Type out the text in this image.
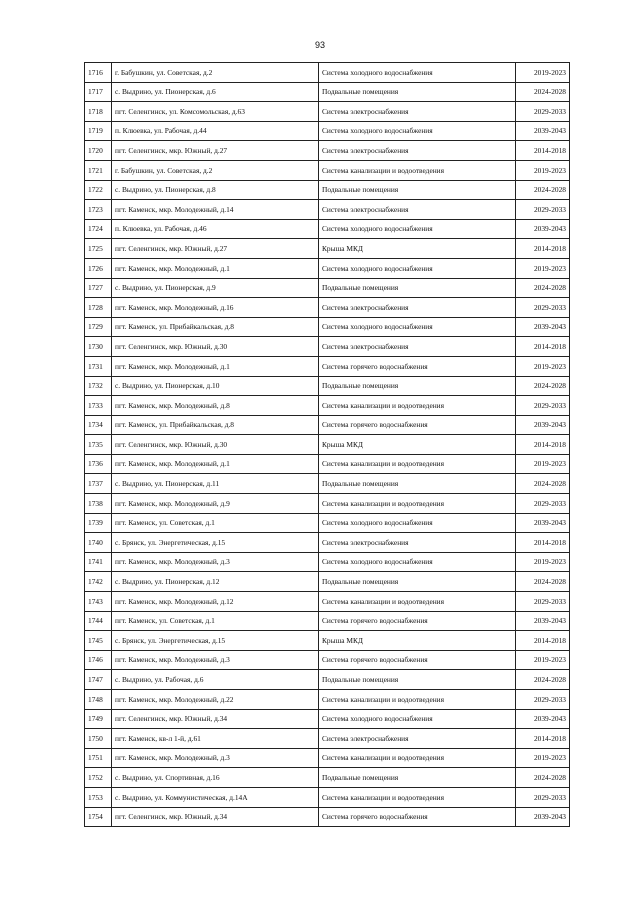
93
1716	г. Бабушкин, ул. Советская, д.2	Система холодного водоснабжения	2019-2023
1717	с. Выдрино, ул. Пионерская, д.6	Подвальные помещения	2024-2028
1718	пгт. Селенгинск, ул. Комсомольская, д.63	Система электроснабжения	2029-2033
1719	п. Клюевка, ул. Рабочая, д.44	Система холодного водоснабжения	2039-2043
1720	пгт. Селенгинск, мкр. Южный, д.27	Система электроснабжения	2014-2018
1721	г. Бабушкин, ул. Советская, д.2	Система канализации и водоотведения	2019-2023
1722	с. Выдрино, ул. Пионерская, д.8	Подвальные помещения	2024-2028
1723	пгт. Каменск, мкр. Молодежный, д.14	Система электроснабжения	2029-2033
1724	п. Клюевка, ул. Рабочая, д.46	Система холодного водоснабжения	2039-2043
1725	пгт. Селенгинск, мкр. Южный, д.27	Крыша МКД	2014-2018
1726	пгт. Каменск, мкр. Молодежный, д.1	Система холодного водоснабжения	2019-2023
1727	с. Выдрино, ул. Пионерская, д.9	Подвальные помещения	2024-2028
1728	пгт. Каменск, мкр. Молодежный, д.16	Система электроснабжения	2029-2033
1729	пгт. Каменск, ул. Прибайкальская, д.8	Система холодного водоснабжения	2039-2043
1730	пгт. Селенгинск, мкр. Южный, д.30	Система электроснабжения	2014-2018
1731	пгт. Каменск, мкр. Молодежный, д.1	Система горячего водоснабжения	2019-2023
1732	с. Выдрино, ул. Пионерская, д.10	Подвальные помещения	2024-2028
1733	пгт. Каменск, мкр. Молодежный, д.8	Система канализации и водоотведения	2029-2033
1734	пгт. Каменск, ул. Прибайкальская, д.8	Система горячего водоснабжения	2039-2043
1735	пгт. Селенгинск, мкр. Южный, д.30	Крыша МКД	2014-2018
1736	пгт. Каменск, мкр. Молодежный, д.1	Система канализации и водоотведения	2019-2023
1737	с. Выдрино, ул. Пионерская, д.11	Подвальные помещения	2024-2028
1738	пгт. Каменск, мкр. Молодежный, д.9	Система канализации и водоотведения	2029-2033
1739	пгт. Каменск, ул. Советская, д.1	Система холодного водоснабжения	2039-2043
1740	с. Брянск, ул. Энергетическая, д.15	Система электроснабжения	2014-2018
1741	пгт. Каменск, мкр. Молодежный, д.3	Система холодного водоснабжения	2019-2023
1742	с. Выдрино, ул. Пионерская, д.12	Подвальные помещения	2024-2028
1743	пгт. Каменск, мкр. Молодежный, д.12	Система канализации и водоотведения	2029-2033
1744	пгт. Каменск, ул. Советская, д.1	Система горячего водоснабжения	2039-2043
1745	с. Брянск, ул. Энергетическая, д.15	Крыша МКД	2014-2018
1746	пгт. Каменск, мкр. Молодежный, д.3	Система горячего водоснабжения	2019-2023
1747	с. Выдрино, ул. Рабочая, д.6	Подвальные помещения	2024-2028
1748	пгт. Каменск, мкр. Молодежный, д.22	Система канализации и водоотведения	2029-2033
1749	пгт. Селенгинск, мкр. Южный, д.34	Система холодного водоснабжения	2039-2043
1750	пгт. Каменск, кв-л 1-й, д.61	Система электроснабжения	2014-2018
1751	пгт. Каменск, мкр. Молодежный, д.3	Система канализации и водоотведения	2019-2023
1752	с. Выдрино, ул. Спортивная, д.16	Подвальные помещения	2024-2028
1753	с. Выдрино, ул. Коммунистическая, д.14А	Система канализации и водоотведения	2029-2033
1754	пгт. Селенгинск, мкр. Южный, д.34	Система горячего водоснабжения	2039-2043
